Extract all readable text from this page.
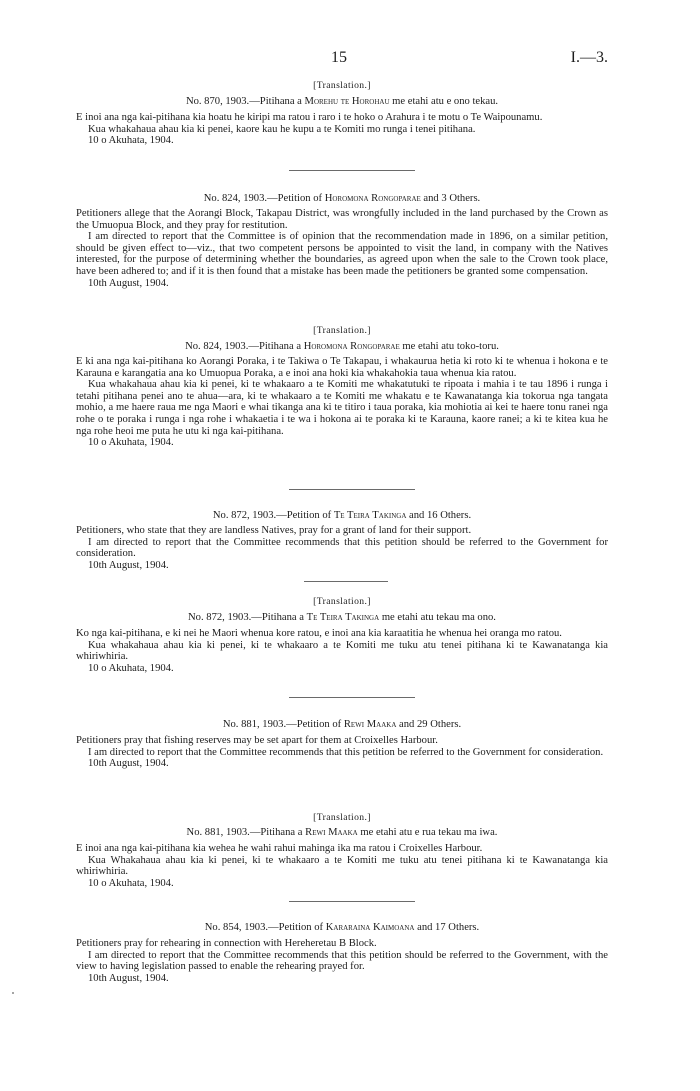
15	I.—3.
[Translation.]
No. 870, 1903.—Pitihana a Morehu te Horohau me etahi atu e ono tekau.
E inoi ana nga kai-pitihana kia hoatu he kiripi ma ratou i raro i te hoko o Arahura i te motu o Te Waipounamu.
Kua whakahaua ahau kia ki penei, kaore kau he kupu a te Komiti mo runga i tenei pitihana.
10 o Akuhata, 1904.
No. 824, 1903.—Petition of Horomona Rongoparae and 3 Others.
Petitioners allege that the Aorangi Block, Takapau District, was wrongfully included in the land purchased by the Crown as the Umuopua Block, and they pray for restitution.
I am directed to report that the Committee is of opinion that the recommendation made in 1896, on a similar petition, should be given effect to—viz., that two competent persons be appointed to visit the land, in company with the Natives interested, for the purpose of determining whether the boundaries, as agreed upon when the sale to the Crown took place, have been adhered to; and if it is then found that a mistake has been made the petitioners be granted some compensation.
10th August, 1904.
[Translation.]
No. 824, 1903.—Pitihana a Horomona Rongoparae me etahi atu toko-toru.
E ki ana nga kai-pitihana ko Aorangi Poraka, i te Takiwa o Te Takapau, i whakaurua hetia ki roto ki te whenua i hokona e te Karauna e karangatia ana ko Umuopua Poraka, a e inoi ana hoki kia whakahokia taua whenua kia ratou.
Kua whakahaua ahau kia ki penei, ki te whakaaro a te Komiti me whakatutuki te ripoata i mahia i te tau 1896 i runga i tetahi pitihana penei ano te ahua—ara, ki te whakaaro a te Komiti me whakatu e te Kawanatanga kia tokorua nga tangata mohio, a me haere raua me nga Maori e whai tikanga ana ki te titiro i taua poraka, kia mohiotia ai kei te haere tonu ranei nga rohe o te poraka i runga i nga rohe i whakaetia i te wa i hokona ai te poraka ki te Karauna, kaore ranei; a ki te kitea kua he nga rohe heoi me puta he utu ki nga kai-pitihana.
10 o Akuhata, 1904.
No. 872, 1903.—Petition of Te Teira Takinga and 16 Others.
Petitioners, who state that they are landless Natives, pray for a grant of land for their support.
I am directed to report that the Committee recommends that this petition should be referred to the Government for consideration.
10th August, 1904.
[Translation.]
No. 872, 1903.—Pitihana a Te Teira Takinga me etahi atu tekau ma ono.
Ko nga kai-pitihana, e ki nei he Maori whenua kore ratou, e inoi ana kia karaatitia he whenua hei oranga mo ratou.
Kua whakahaua ahau kia ki penei, ki te whakaaro a te Komiti me tuku atu tenei pitihana ki te Kawanatanga kia whiriwhiria.
10 o Akuhata, 1904.
No. 881, 1903.—Petition of Rewi Maaka and 29 Others.
Petitioners pray that fishing reserves may be set apart for them at Croixelles Harbour.
I am directed to report that the Committee recommends that this petition be referred to the Government for consideration.
10th August, 1904.
[Translation.]
No. 881, 1903.—Pitihana a Rewi Maaka me etahi atu e rua tekau ma iwa.
E inoi ana nga kai-pitihana kia wehea he wahi rahui mahinga ika ma ratou i Croixelles Harbour.
Kua Whakahaua ahau kia ki penei, ki te whakaaro a te Komiti me tuku atu tenei pitihana ki te Kawanatanga kia whiriwhiria.
10 o Akuhata, 1904.
No. 854, 1903.—Petition of Kararaina Kaimoana and 17 Others.
Petitioners pray for rehearing in connection with Hereheretau B Block.
I am directed to report that the Committee recommends that this petition should be referred to the Government, with the view to having legislation passed to enable the rehearing prayed for.
10th August, 1904.
